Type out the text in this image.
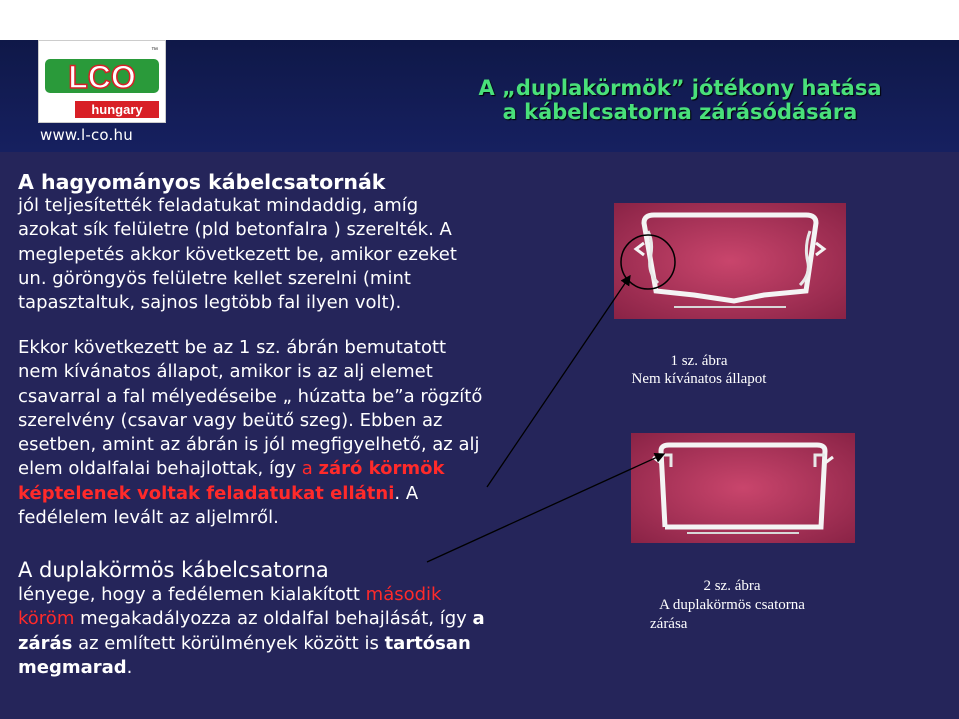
LCO
hungary
™
www.l-co.hu
A „duplakörmök” jótékony hatása
a kábelcsatorna zárásódására
A hagyományos kábelcsatornák
jól teljesítették feladatukat mindaddig, amíg
azokat sík felületre (pld betonfalra ) szerelték. A
meglepetés akkor következett be, amikor ezeket
un. göröngyös felületre kellet szerelni (mint
tapasztaltuk, sajnos legtöbb fal ilyen volt).
Ekkor következett be az 1 sz. ábrán bemutatott
nem kívánatos állapot, amikor is az alj elemet
csavarral a fal mélyedéseibe „ húzatta be”a rögzítő
szerelvény (csavar vagy beütő szeg). Ebben az
esetben, amint az ábrán is jól megfigyelhető, az alj
elem oldalfalai behajlottak, így a záró körmök
képtelenek voltak feladatukat ellátni. A
fedélelem levált az aljelmről.
A duplakörmös kábelcsatorna
lényege, hogy a fedélemen kialakított második
köröm megakadályozza az oldalfal behajlását, így a
zárás az említett körülmények között is tartósan
megmarad.
1 sz. ábra
Nem kívánatos állapot
2 sz. ábra
A duplakörmös csatorna
zárása
